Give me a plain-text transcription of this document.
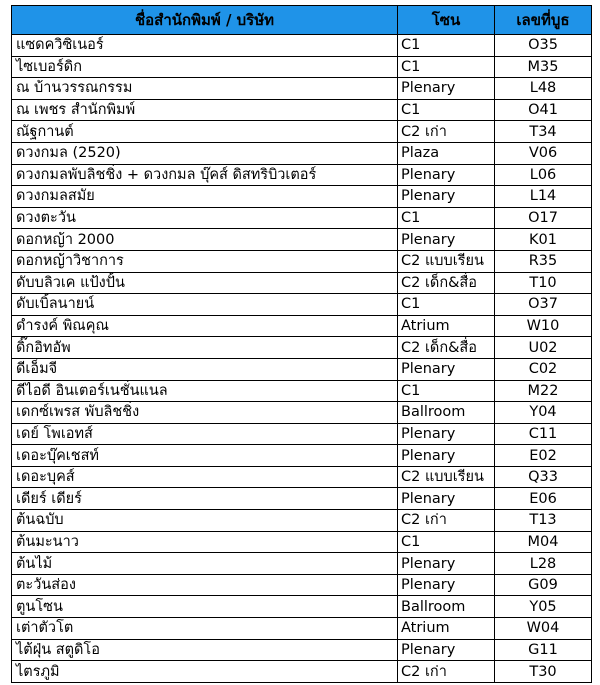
ชื่อสำนักพิมพ์ / บริษัท	โซน	เลขที่บูธ
แซดควิซิเนอร์	C1	O35
ไซเบอร์ดิก	C1	M35
ณ บ้านวรรณกรรม	Plenary	L48
ณ เพชร สำนักพิมพ์	C1	O41
ณัฐกานต์	C2 เก่า	T34
ดวงกมล (2520)	Plaza	V06
ดวงกมลพับลิชชิ่ง + ดวงกมล บุ๊คส์ ดิสทริบิวเตอร์	Plenary	L06
ดวงกมลสมัย	Plenary	L14
ดวงตะวัน	C1	O17
ดอกหญ้า 2000	Plenary	K01
ดอกหญ้าวิชาการ	C2 แบบเรียน	R35
ดับบลิวเค แป้งปั้น	C2 เด็ก&สื่อ	T10
ดับเบิ้ลนายน์	C1	O37
ดำรงค์ พิณคุณ	Atrium	W10
ดิ๊กอิทอัพ	C2 เด็ก&สื่อ	U02
ดีเอ็มจี	Plenary	C02
ดีไอดี อินเตอร์เนชั่นแนล	C1	M22
เดกซ์เพรส พับลิชชิ่ง	Ballroom	Y04
เดย์ โพเอทส์	Plenary	C11
เดอะบุ๊คเชสท์	Plenary	E02
เดอะบุคส์	C2 แบบเรียน	Q33
เดียร์ เดียร์	Plenary	E06
ต้นฉบับ	C2 เก่า	T13
ต้นมะนาว	C1	M04
ต้นไม้	Plenary	L28
ตะวันส่อง	Plenary	G09
ตูนโซน	Ballroom	Y05
เต่าตัวโต	Atrium	W04
ไต้ฝุ่น สตูดิโอ	Plenary	G11
ไตรภูมิ	C2 เก่า	T30
